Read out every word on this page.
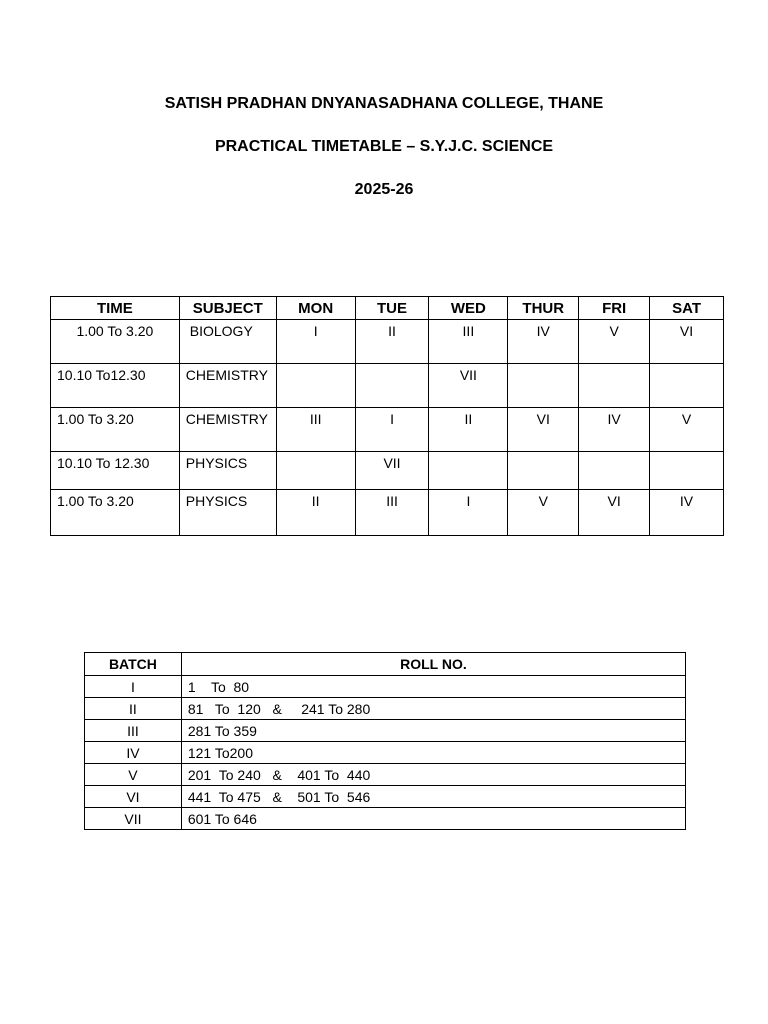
SATISH PRADHAN DNYANASADHANA COLLEGE, THANE

PRACTICAL TIMETABLE – S.Y.J.C. SCIENCE

2025-26

TIME	SUBJECT	MON	TUE	WED	THUR	FRI	SAT
1.00 To 3.20	BIOLOGY	I	II	III	IV	V	VI
10.10 To12.30	CHEMISTRY			VII			
1.00 To 3.20	CHEMISTRY	III	I	II	VI	IV	V
10.10 To 12.30	PHYSICS		VII				
1.00 To 3.20	PHYSICS	II	III	I	V	VI	IV
BATCH	ROLL NO.
I	1    To  80
II	81   To  120   &     241 To 280
III	281 To 359
IV	121 To200
V	201  To 240   &    401 To  440
VI	441  To 475   &    501 To  546
VII	601 To 646
